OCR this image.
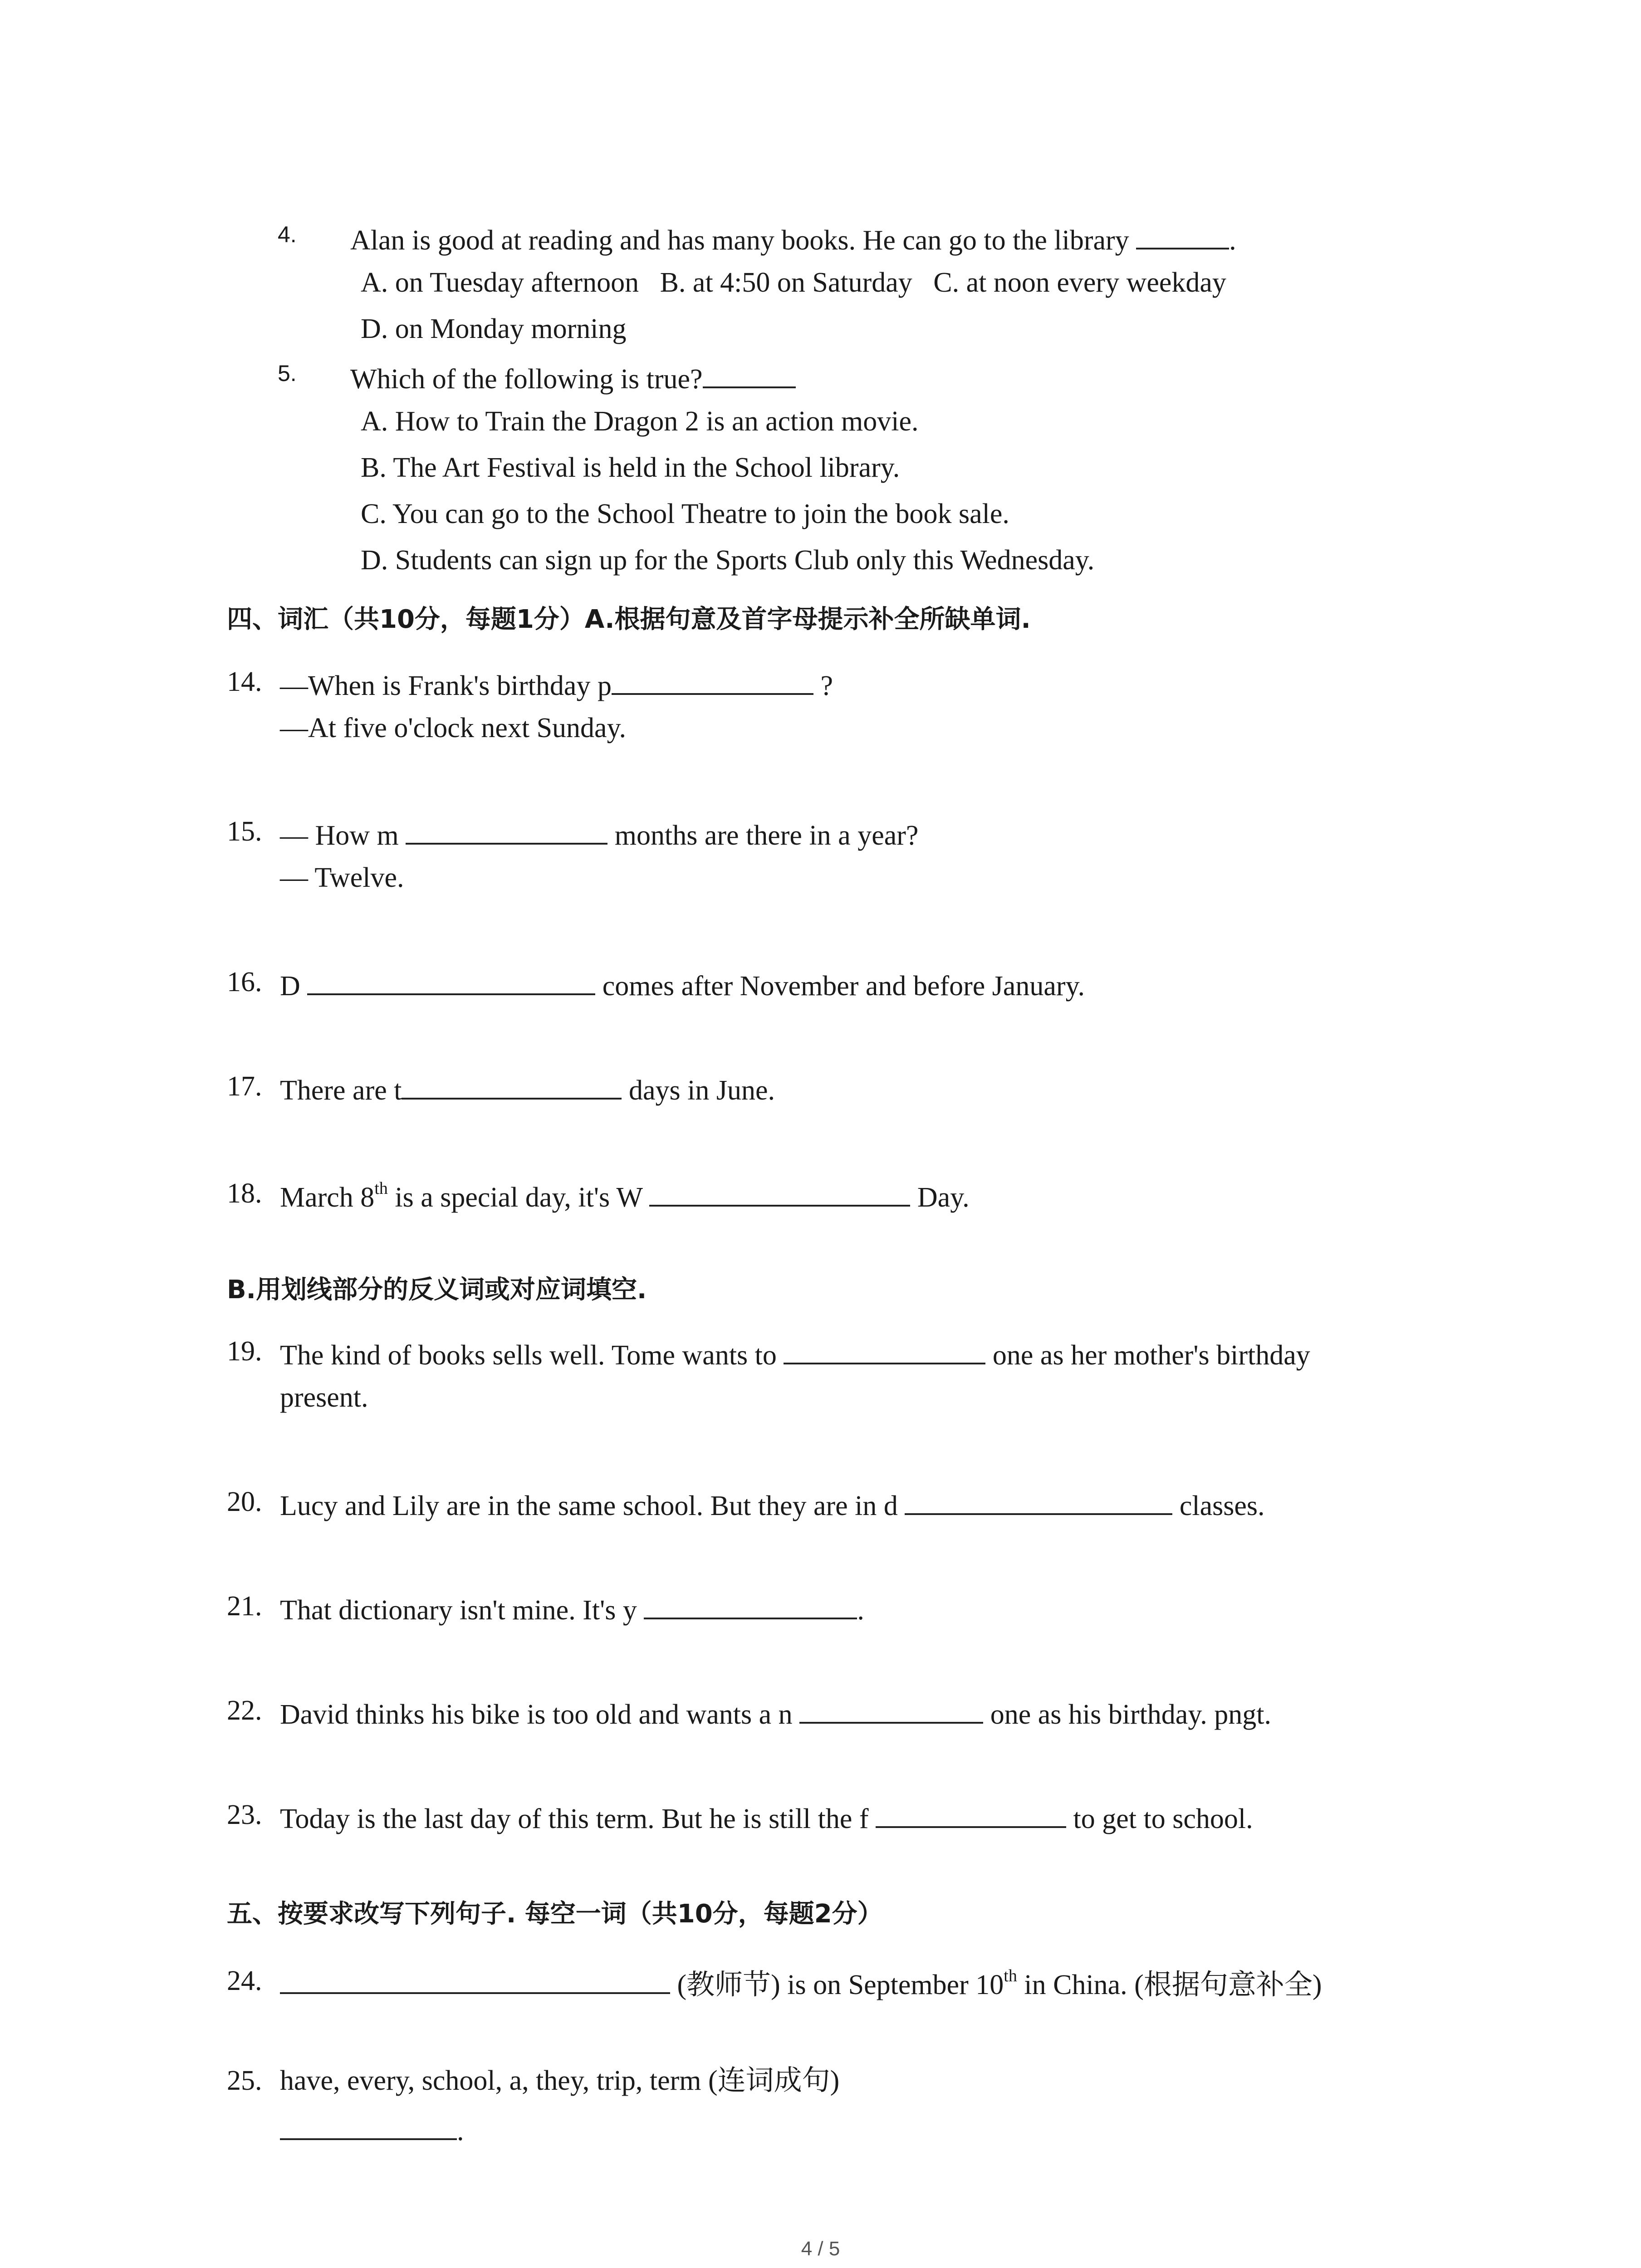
4. Alan is good at reading and has many books. He can go to the library	.
A. on Tuesday afternoon B. at 4:50 on Saturday C. at noon every weekday
D. on Monday morning
5. Which of the following is true?
A. How to Train the Dragon 2 is an action movie.
B. The Art Festival is held in the School library.
C. You can go to the School Theatre to join the book sale.
D. Students can sign up for the Sports Club only this Wednesday.
四、词汇（共10分，每题1分）A.根据句意及首字母提示补全所缺单词.
14. —When is Frank's birthday p	?
—At five o'clock next Sunday.
15. — How m	months are there in a year?
— Twelve.
16. D	comes after November and before January.
17. There are t	days in June.
18. March 8th is a special day, it's W	Day.
B.用划线部分的反义词或对应词填空.
19. The kind of books sells well. Tome wants to	one as her mother's birthday
present.
20. Lucy and Lily are in the same school. But they are in d	classes.
21. That dictionary isn't mine. It's y	.
22. David thinks his bike is too old and wants a n	one as his birthday. pngt.
23. Today is the last day of this term. But he is still the f	to get to school.
五、按要求改写下列句子. 每空一词（共10分，每题2分）
24.	(教师节) is on September 10th in China. (根据句意补全)
25. have, every, school, a, they, trip, term (连词成句)
.
4 / 5
